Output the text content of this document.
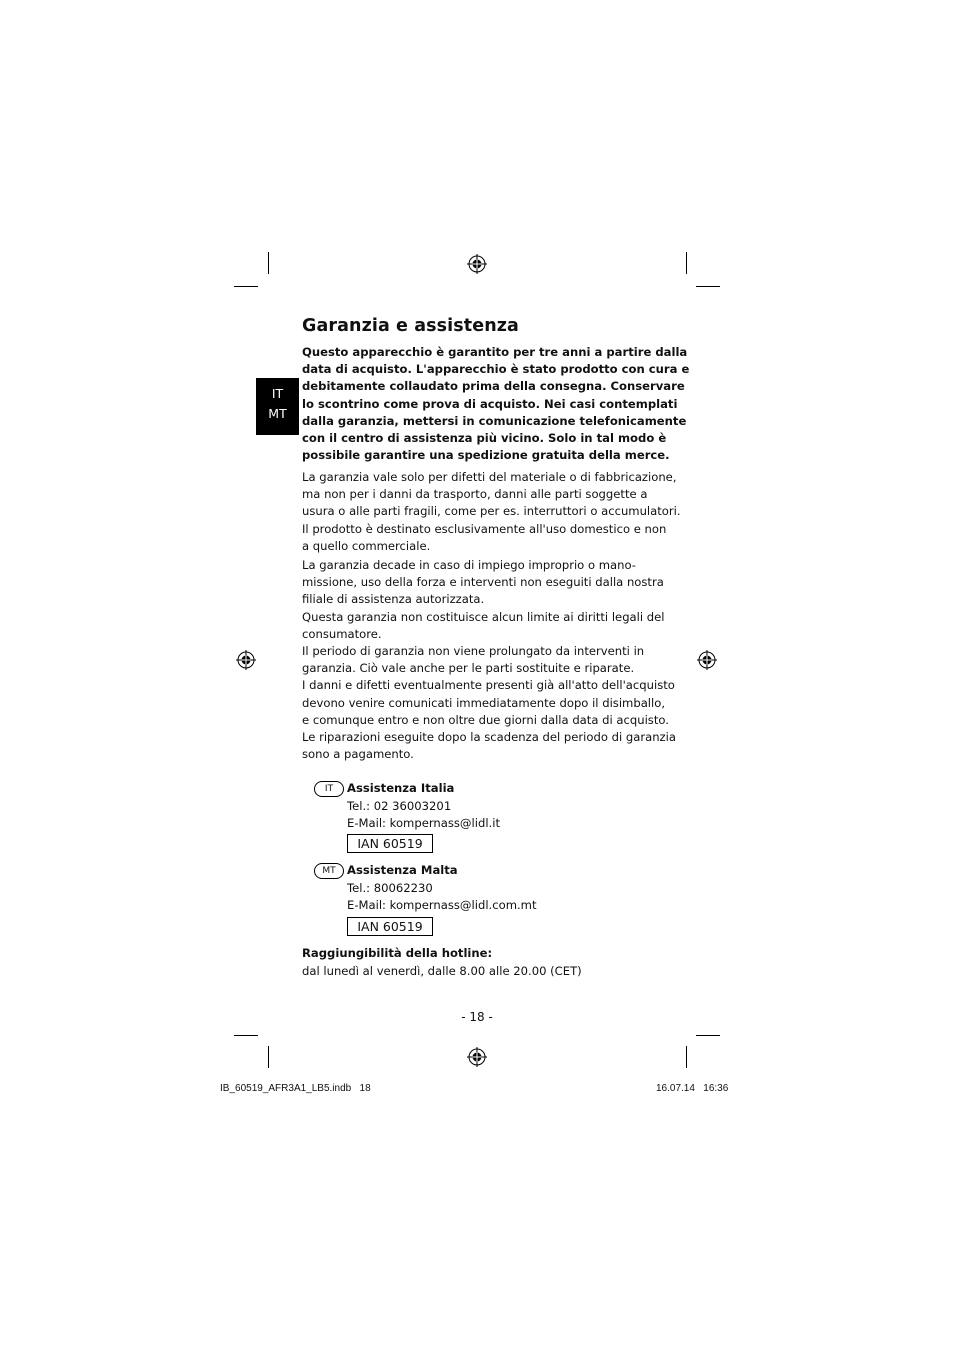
IT
MT
Garanzia e assistenza
Questo apparecchio è garantito per tre anni a partire dalla
data di acquisto. L'apparecchio è stato prodotto con cura e
debitamente collaudato prima della consegna. Conservare
lo scontrino come prova di acquisto. Nei casi contemplati
dalla garanzia, mettersi in comunicazione telefonicamente
con il centro di assistenza più vicino. Solo in tal modo è
possibile garantire una spedizione gratuita della merce.
La garanzia vale solo per difetti del materiale o di fabbricazione,
ma non per i danni da trasporto, danni alle parti soggette a
usura o alle parti fragili, come per es. interruttori o accumulatori.
Il prodotto è destinato esclusivamente all'uso domestico e non
a quello commerciale.
La garanzia decade in caso di impiego improprio o mano-
missione, uso della forza e interventi non eseguiti dalla nostra
filiale di assistenza autorizzata.
Questa garanzia non costituisce alcun limite ai diritti legali del
consumatore.
Il periodo di garanzia non viene prolungato da interventi in
garanzia. Ciò vale anche per le parti sostituite e riparate.
I danni e difetti eventualmente presenti già all'atto dell'acquisto
devono venire comunicati immediatamente dopo il disimballo,
e comunque entro e non oltre due giorni dalla data di acquisto.
Le riparazioni eseguite dopo la scadenza del periodo di garanzia
sono a pagamento.
IT	Assistenza Italia
Tel.: 02 36003201
E-Mail: kompernass@lidl.it
IAN 60519
MT Assistenza Malta
Tel.: 80062230
E-Mail: kompernass@lidl.com.mt
IAN 60519
Raggiungibilità della hotline:
dal lunedì al venerdì, dalle 8.00 alle 20.00 (CET)
- 18 -
IB_60519_AFR3A1_LB5.indb   18	16.07.14   16:36
